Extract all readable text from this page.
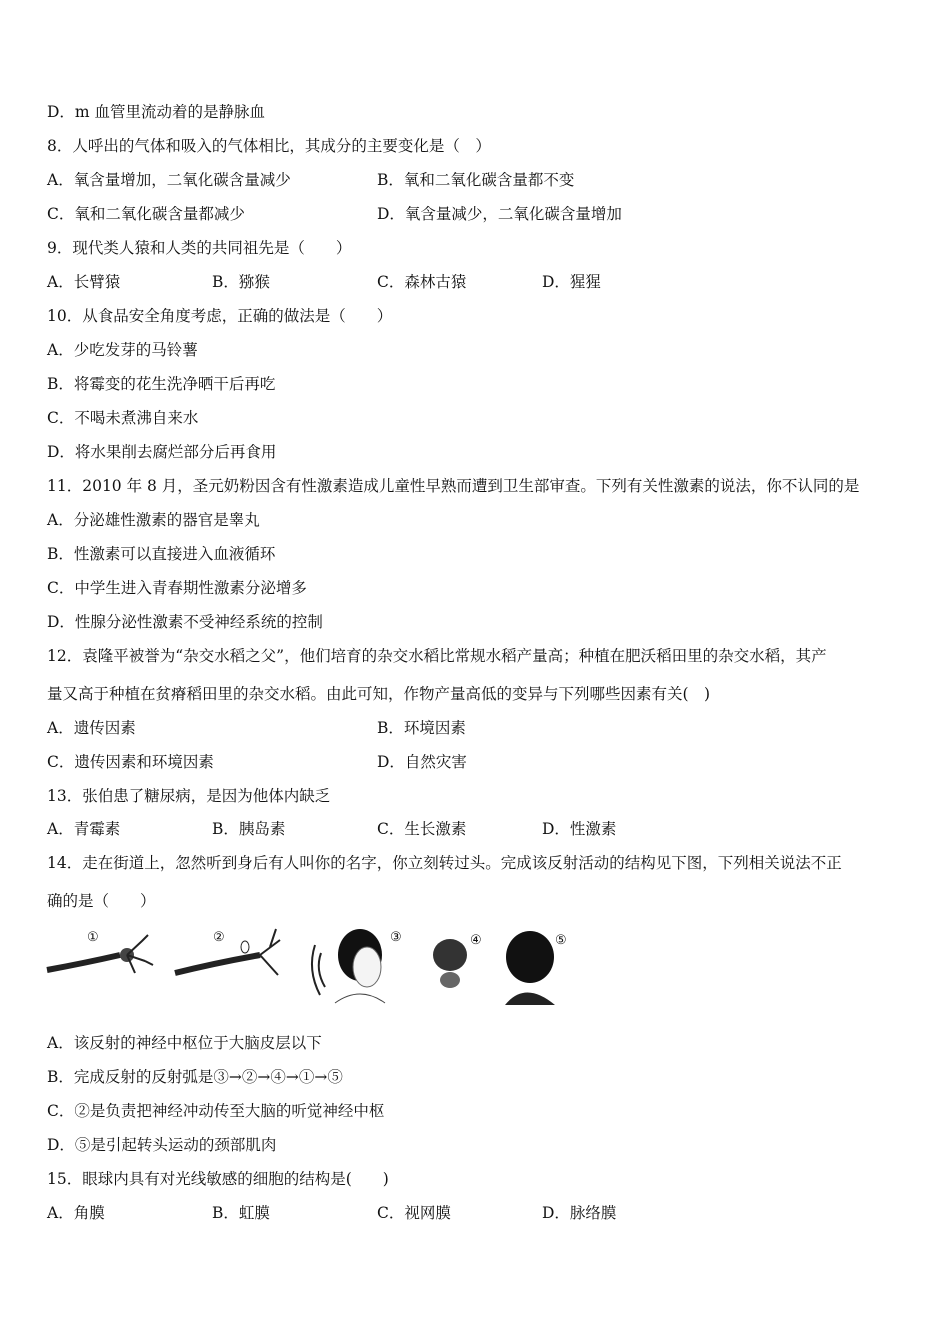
D．m 血管里流动着的是静脉血
8．人呼出的气体和吸入的气体相比，其成分的主要变化是（　）
A．氧含量增加，二氧化碳含量减少	B．氧和二氧化碳含量都不变
C．氧和二氧化碳含量都减少	D．氧含量减少，二氧化碳含量增加
9．现代类人猿和人类的共同祖先是（　　）
A．长臂猿	B．猕猴	C．森林古猿	D．猩猩
10．从食品安全角度考虑，正确的做法是（　　）
A．少吃发芽的马铃薯
B．将霉变的花生洗净晒干后再吃
C．不喝未煮沸自来水
D．将水果削去腐烂部分后再食用
11．2010 年 8 月，圣元奶粉因含有性激素造成儿童性早熟而遭到卫生部审查。下列有关性激素的说法，你不认同的是
A．分泌雄性激素的器官是睾丸
B．性激素可以直接进入血液循环
C．中学生进入青春期性激素分泌增多
D．性腺分泌性激素不受神经系统的控制
12．袁隆平被誉为“杂交水稻之父”，他们培育的杂交水稻比常规水稻产量高；种植在肥沃稻田里的杂交水稻，其产
量又高于种植在贫瘠稻田里的杂交水稻。由此可知，作物产量高低的变异与下列哪些因素有关(　)
A．遗传因素	B．环境因素
C．遗传因素和环境因素	D．自然灾害
13．张伯患了糖尿病，是因为他体内缺乏
A．青霉素	B．胰岛素	C．生长激素	D．性激素
14．走在街道上，忽然听到身后有人叫你的名字，你立刻转过头。完成该反射活动的结构见下图，下列相关说法不正
确的是（　　）
①	②	③	④	⑤
A．该反射的神经中枢位于大脑皮层以下
B．完成反射的反射弧是③→②→④→①→⑤
C．②是负责把神经冲动传至大脑的听觉神经中枢
D．⑤是引起转头运动的颈部肌肉
15．眼球内具有对光线敏感的细胞的结构是(　　)
A．角膜	B．虹膜	C．视网膜	D．脉络膜
